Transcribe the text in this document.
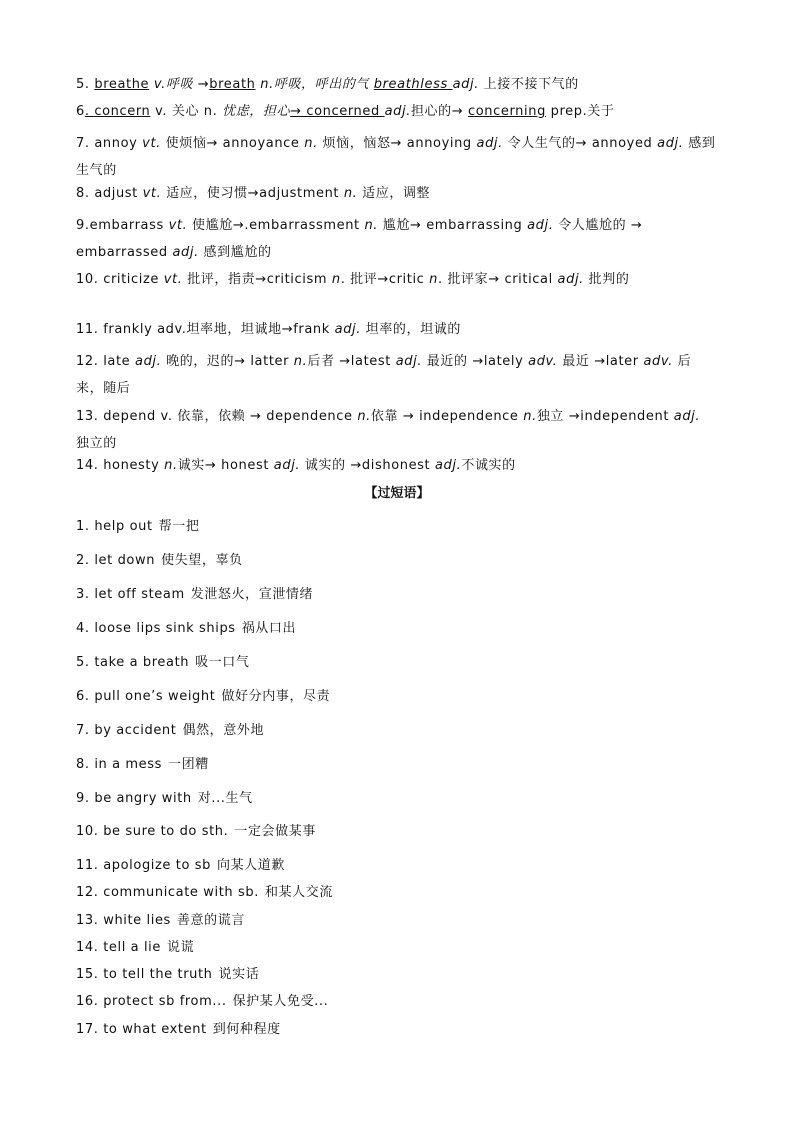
5. breathe v.呼吸 →breath n.呼吸，呼出的气 breathless adj. 上接不接下气的
6. concern v. 关心 n. 忧虑，担心→ concerned adj.担心的→ concerning prep.关于
7. annoy vt. 使烦恼→ annoyance n. 烦恼，恼怒→ annoying adj. 令人生气的→ annoyed adj. 感到生气的
8. adjust vt. 适应，使习惯→adjustment n. 适应，调整
9.embarrass vt. 使尴尬→.embarrassment n. 尴尬→ embarrassing adj. 令人尴尬的 → embarrassed adj. 感到尴尬的
10. criticize vt. 批评，指责→criticism n. 批评→critic n. 批评家→ critical adj. 批判的
11. frankly adv.坦率地，坦诚地→frank adj. 坦率的，坦诚的
12. late adj. 晚的，迟的→ latter n.后者 →latest adj. 最近的 →lately adv. 最近 →later adv. 后来，随后
13. depend v. 依靠，依赖 → dependence n.依靠 → independence n.独立 →independent adj. 独立的
14. honesty n.诚实→ honest adj. 诚实的 →dishonest adj.不诚实的
【过短语】
1. help out 帮一把
2. let down 使失望，辜负
3. let off steam 发泄怒火，宣泄情绪
4. loose lips sink ships 祸从口出
5. take a breath 吸一口气
6. pull one’s weight 做好分内事，尽责
7. by accident 偶然，意外地
8. in a mess 一团糟
9. be angry with 对...生气
10. be sure to do sth. 一定会做某事
11. apologize to sb 向某人道歉
12. communicate with sb. 和某人交流
13. white lies 善意的谎言
14. tell a lie 说谎
15. to tell the truth 说实话
16. protect sb from... 保护某人免受...
17. to what extent 到何种程度
